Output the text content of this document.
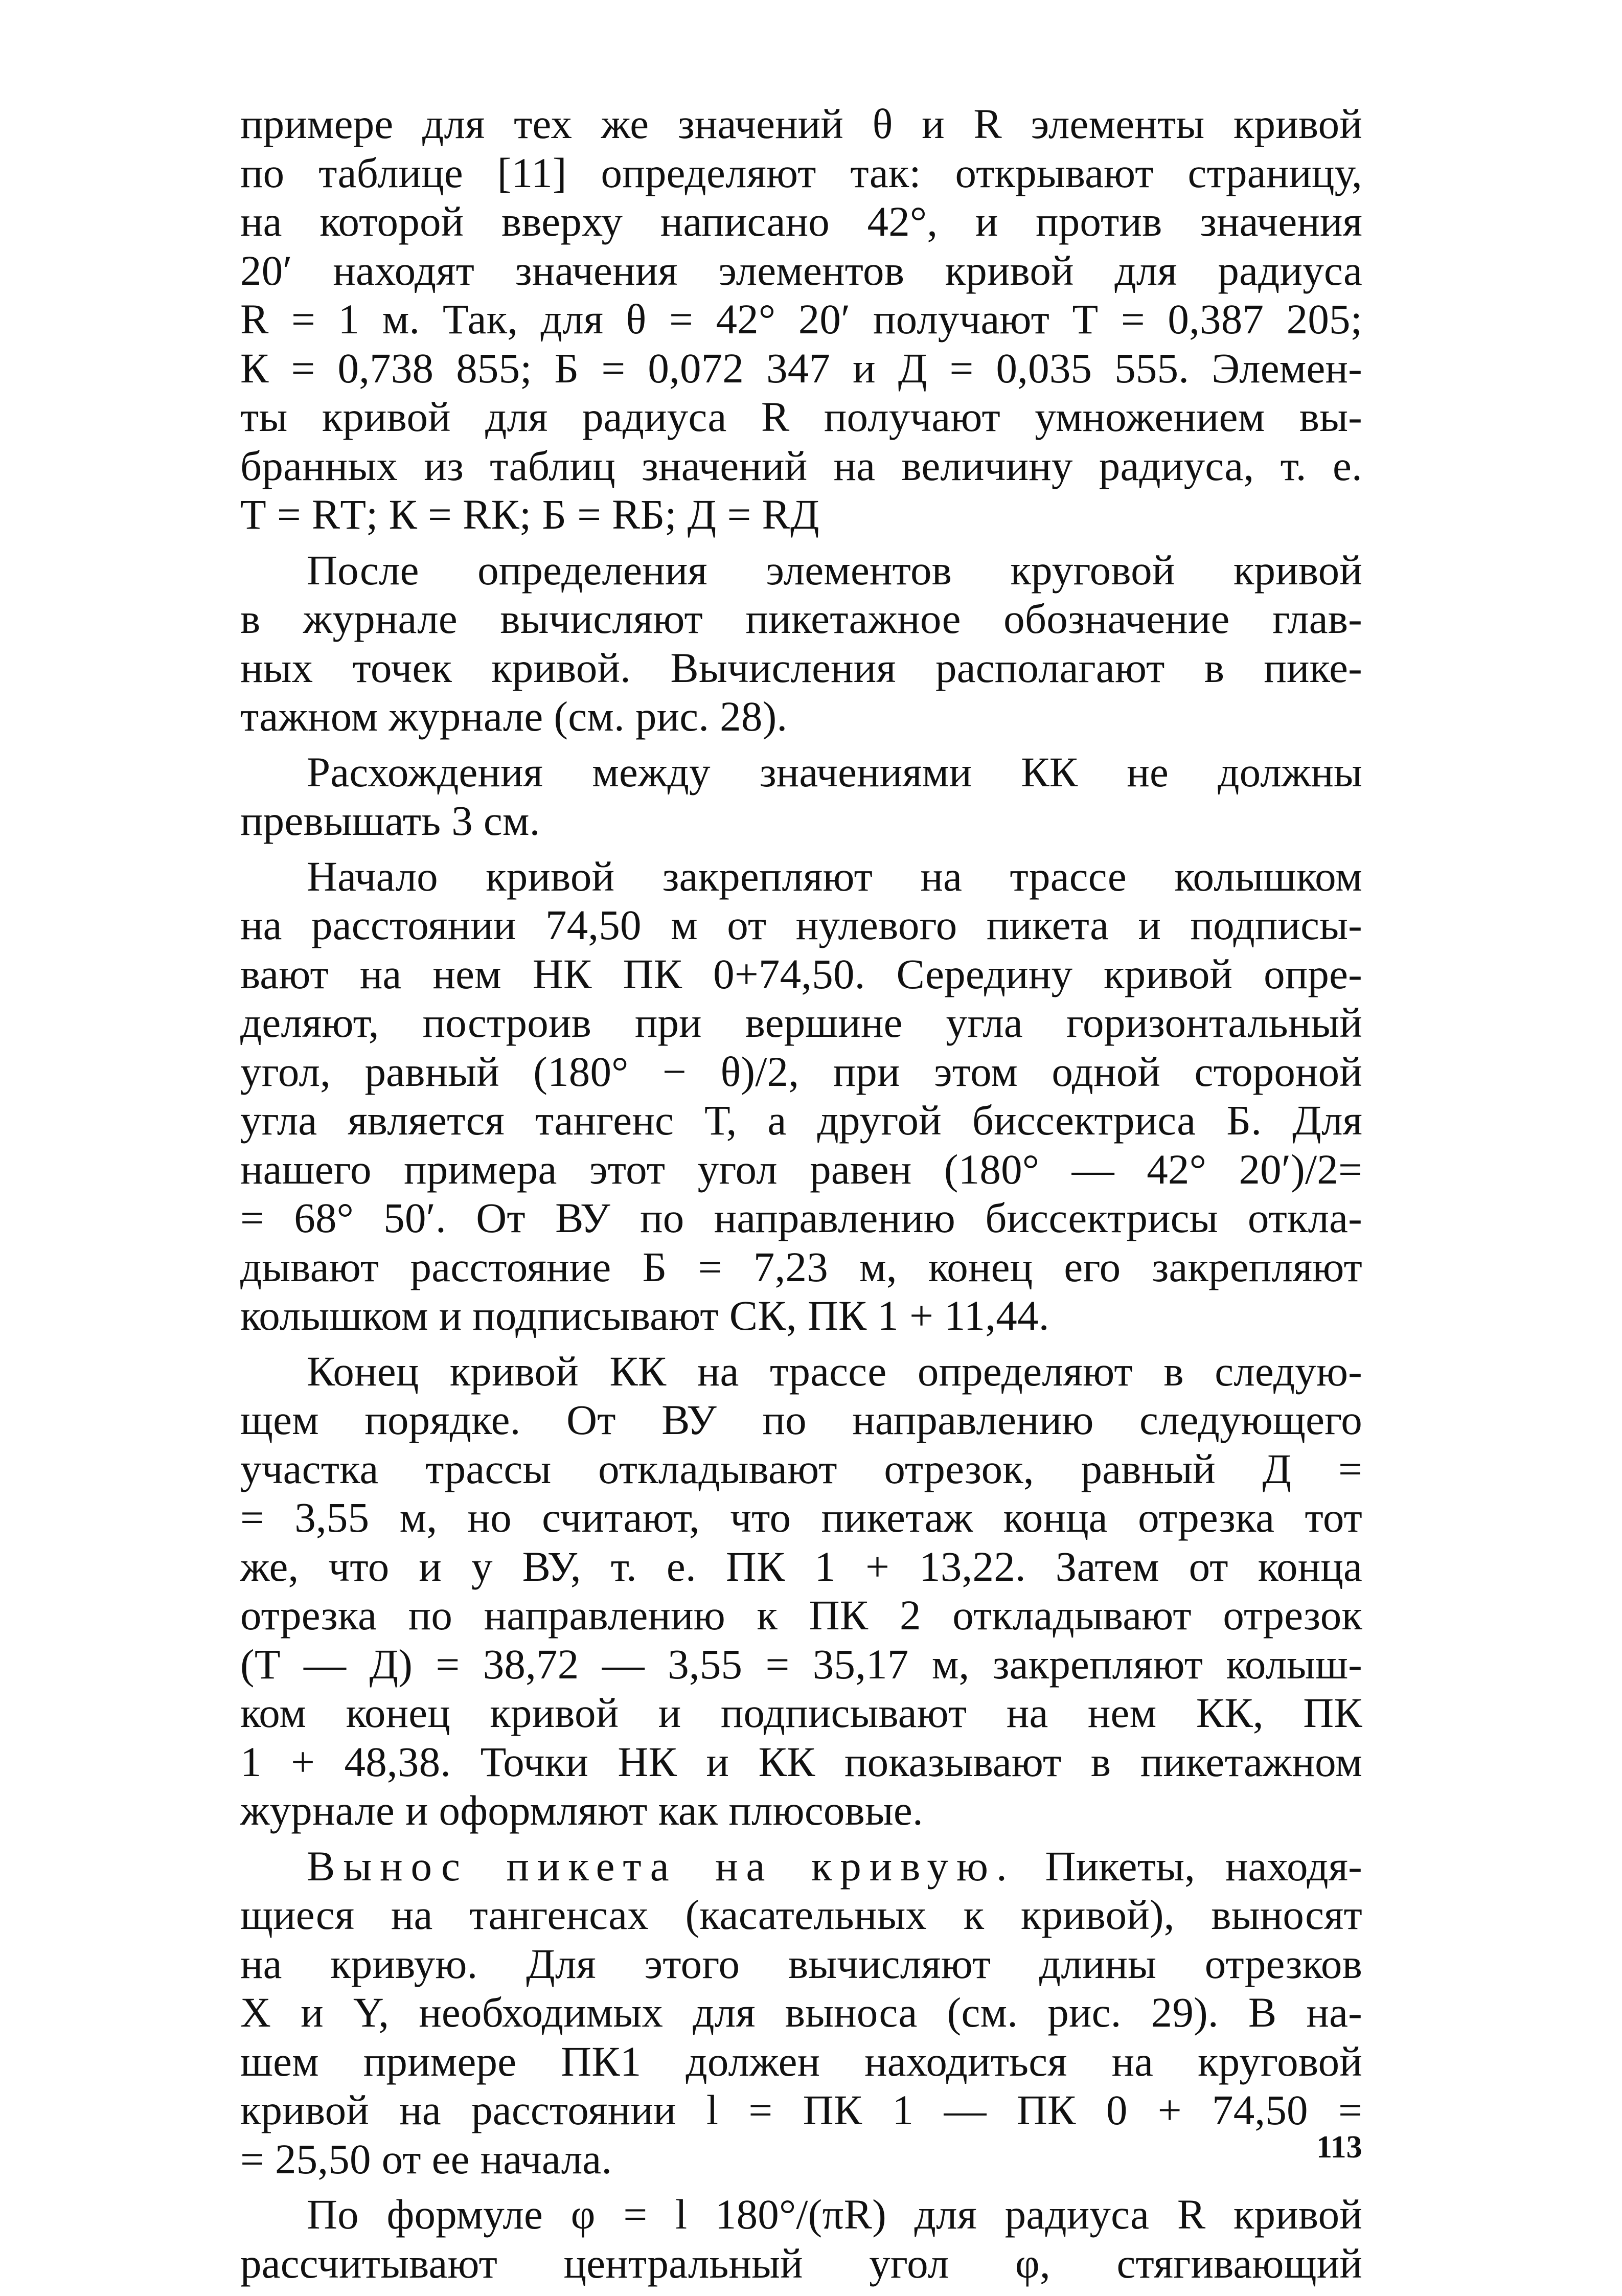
примере для тех же значений θ и R элементы кривой
по таблице [11] определяют так: открывают страницу,
на которой вверху написано 42°, и против значения
20′ находят значения элементов кривой для радиуса
R = 1 м. Так, для θ = 42° 20′ получают Т = 0,387 205;
К = 0,738 855; Б = 0,072 347 и Д = 0,035 555. Элемен-
ты кривой для радиуса R получают умножением вы-
бранных из таблиц значений на величину радиуса, т. е.
Т = RТ; К = RК; Б = RБ; Д = RД
После определения элементов круговой кривой
в журнале вычисляют пикетажное обозначение глав-
ных точек кривой. Вычисления располагают в пике-
тажном журнале (см. рис. 28).
Расхождения между значениями КК не должны
превышать 3 см.
Начало кривой закрепляют на трассе колышком
на расстоянии 74,50 м от нулевого пикета и подписы-
вают на нем НК ПК 0+74,50. Середину кривой опре-
деляют, построив при вершине угла горизонтальный
угол, равный (180° − θ)/2, при этом одной стороной
угла является тангенс Т, а другой биссектриса Б. Для
нашего примера этот угол равен (180° — 42° 20′)/2=
= 68° 50′. От ВУ по направлению биссектрисы откла-
дывают расстояние Б = 7,23 м, конец его закрепляют
колышком и подписывают СК, ПК 1 + 11,44.
Конец кривой КК на трассе определяют в следую-
щем порядке. От ВУ по направлению следующего
участка трассы откладывают отрезок, равный Д =
= 3,55 м, но считают, что пикетаж конца отрезка тот
же, что и у ВУ, т. е. ПК 1 + 13,22. Затем от конца
отрезка по направлению к ПК 2 откладывают отрезок
(Т — Д) = 38,72 — 3,55 = 35,17 м, закрепляют колыш-
ком конец кривой и подписывают на нем КК, ПК
1 + 48,38. Точки НК и КК показывают в пикетажном
журнале и оформляют как плюсовые.
Вынос пикета на кривую. Пикеты, находя-
щиеся на тангенсах (касательных к кривой), выносят
на кривую. Для этого вычисляют длины отрезков
X и Y, необходимых для выноса (см. рис. 29). В на-
шем примере ПК1 должен находиться на круговой
кривой на расстоянии l = ПК 1 — ПК 0 + 74,50 =
= 25,50 от ее начала.
По формуле φ = l 180°/(πR) для радиуса R кривой
рассчитывают центральный угол φ, стягивающий
113
